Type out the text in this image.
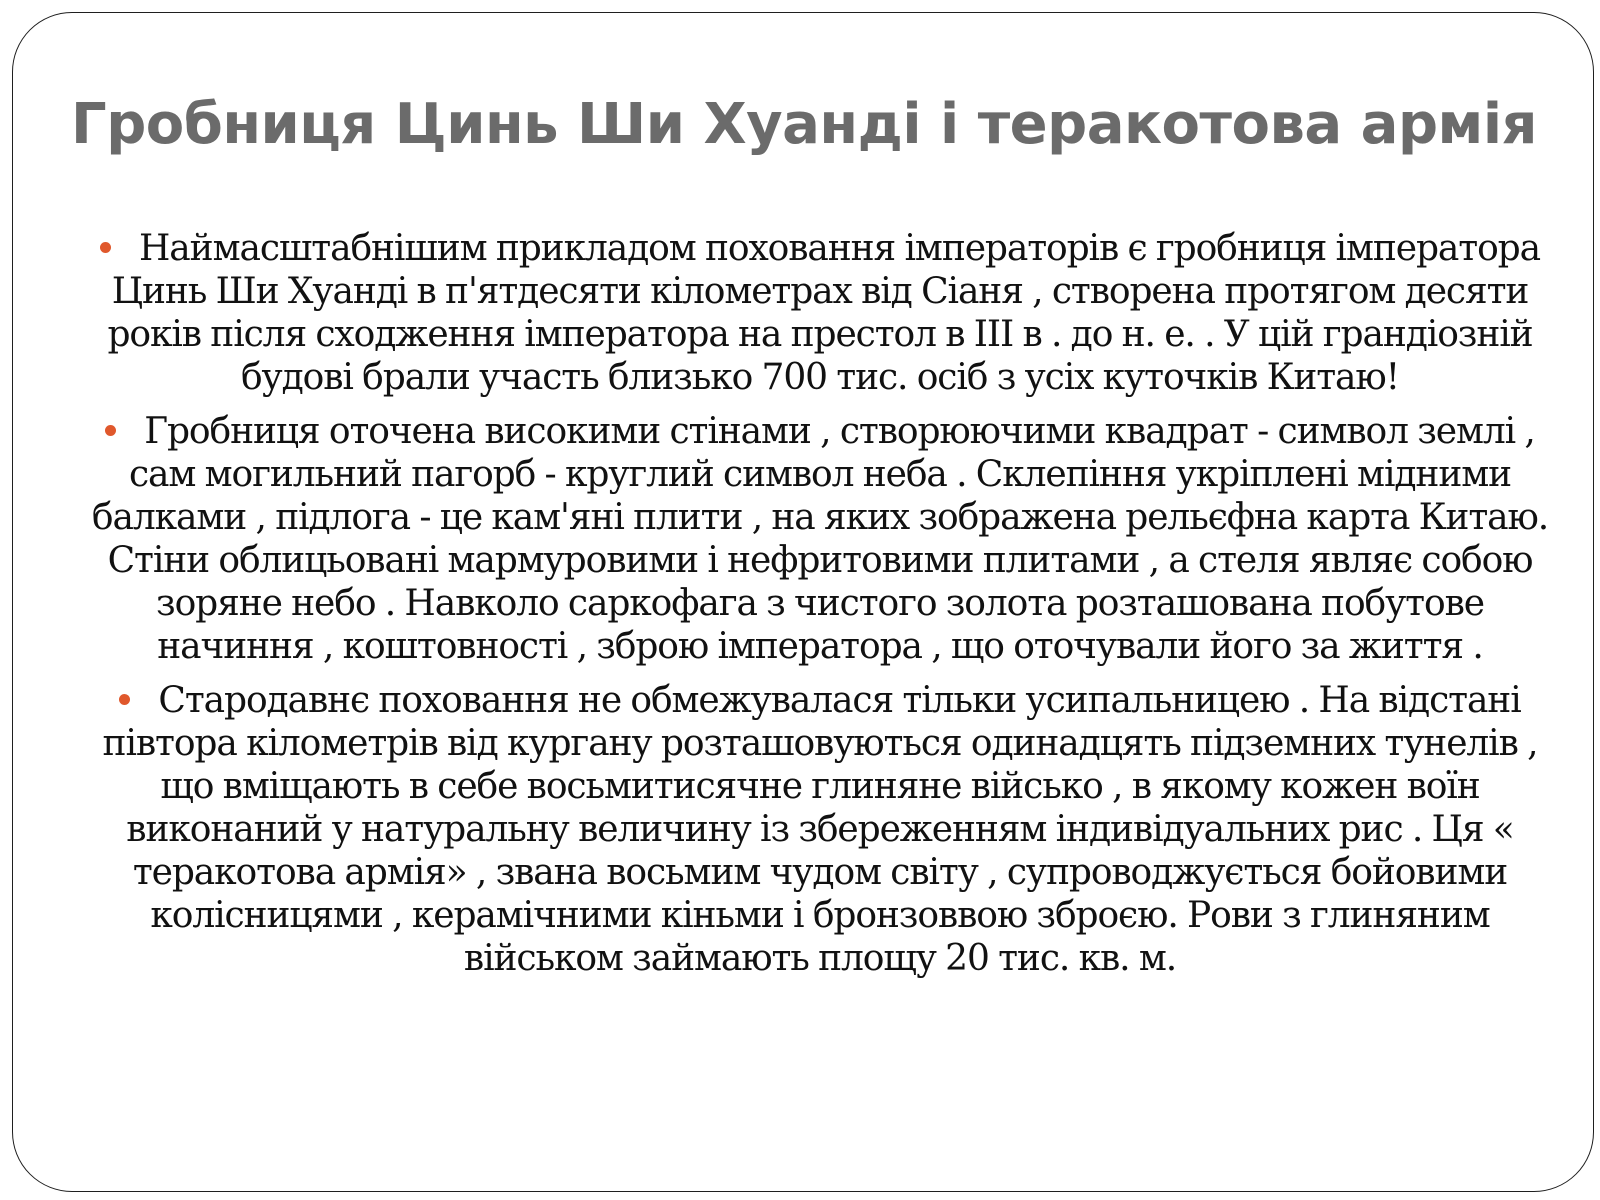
Гробниця Цинь Ши Хуанді і теракотова армія

Наймасштабнішим прикладом поховання імператорів є гробниця імператора Цинь Ши Хуанді в п'ятдесяти кілометрах від Сіаня , створена протягом десяти років після сходження імператора на престол в III в . до н. е. . У цій грандіозній будові брали участь близько 700 тис. осіб з усіх куточків Китаю!

Гробниця оточена високими стінами , створюючими квадрат - символ землі , сам могильний пагорб - круглий символ неба . Склепіння укріплені мідними балками , підлога - це кам'яні плити , на яких зображена рельєфна карта Китаю. Стіни облицьовані мармуровими і нефритовими плитами , а стеля являє собою зоряне небо . Навколо саркофага з чистого золота розташована побутове начиння , коштовності , зброю імператора , що оточували його за життя .

Стародавнє поховання не обмежувалася тільки усипальницею . На відстані півтора кілометрів від кургану розташовуються одинадцять підземних тунелів , що вміщають в себе восьмитисячне глиняне військо , в якому кожен воїн виконаний у натуральну величину із збереженням індивідуальних рис . Ця « теракотова армія» , звана восьмим чудом світу , супроводжується бойовими колісницями , керамічними кіньми і бронзоввою зброєю. Рови з глиняним військом займають площу 20 тис. кв. м.
